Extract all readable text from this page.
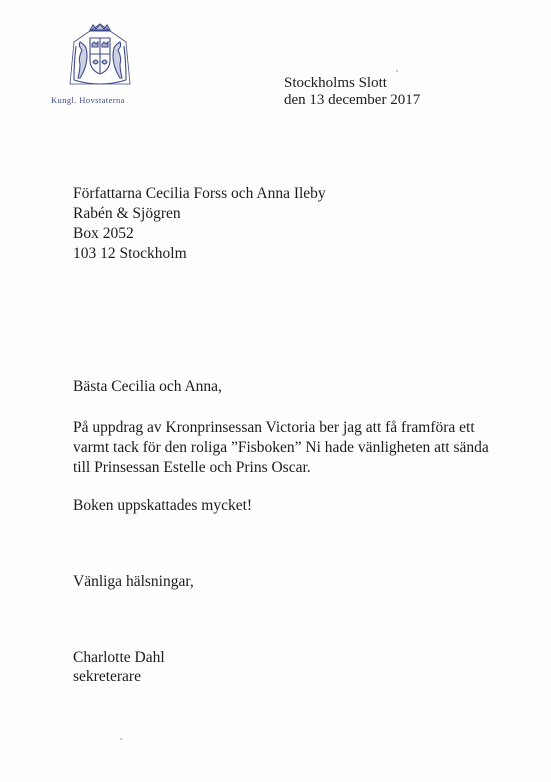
Kungl. Hovstaterna
Stockholms Slott
den 13 december 2017
Författarna Cecilia Forss och Anna Ileby
Rabén & Sjögren
Box 2052
103 12 Stockholm
Bästa Cecilia och Anna,
På uppdrag av Kronprinsessan Victoria ber jag att få framföra ett
varmt tack för den roliga ”Fisboken” Ni hade vänligheten att sända
till Prinsessan Estelle och Prins Oscar.
Boken uppskattades mycket!
Vänliga hälsningar,
Charlotte Dahl
sekreterare
